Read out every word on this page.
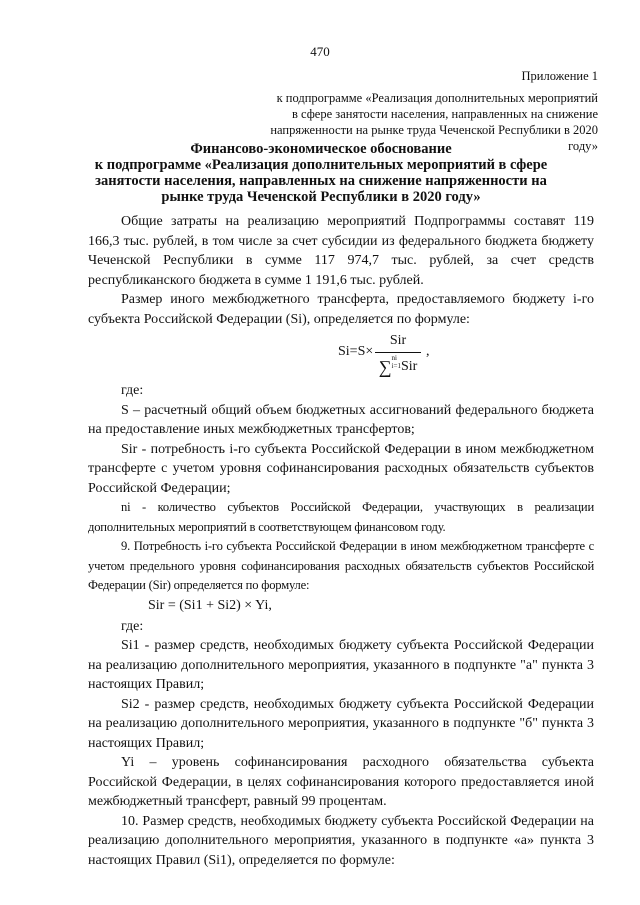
470
Приложение 1
к подпрограмме «Реализация дополнительных мероприятий
в сфере занятости населения, направленных на снижение
напряженности на рынке труда Чеченской Республики в 2020 году»
Финансово-экономическое обоснование
к подпрограмме «Реализация дополнительных мероприятий в сфере
занятости населения, направленных на снижение напряженности на
рынке труда Чеченской Республики в 2020 году»

Общие затраты на реализацию мероприятий Подпрограммы составят 119 166,3 тыс. рублей, в том числе за счет субсидии из федерального бюджета бюджету Чеченской Республики в сумме 117 974,7 тыс. рублей, за счет средств республиканского бюджета в сумме 1 191,6 тыс. рублей.

Размер иного межбюджетного трансферта, предоставляемого бюджету i-го субъекта Российской Федерации (Si), определяется по формуле:

Si=S×
Sir
∑ni
i=1Sir
,

где:

S – расчетный общий объем бюджетных ассигнований федерального бюджета на предоставление иных межбюджетных трансфертов;

Sir - потребность i-го субъекта Российской Федерации в ином межбюджетном трансферте с учетом уровня софинансирования расходных обязательств субъектов Российской Федерации;

ni - количество субъектов Российской Федерации, участвующих в реализации дополнительных мероприятий в соответствующем финансовом году.

9. Потребность i-го субъекта Российской Федерации в ином межбюджетном трансферте с учетом предельного уровня софинансирования расходных обязательств субъектов Российской Федерации (Sir) определяется по формуле:

Sir = (Si1 + Si2) × Yi,

где:

Si1 - размер средств, необходимых бюджету субъекта Российской Федерации на реализацию дополнительного мероприятия, указанного в подпункте "а" пункта 3 настоящих Правил;

Si2 - размер средств, необходимых бюджету субъекта Российской Федерации на реализацию дополнительного мероприятия, указанного в подпункте "б" пункта 3 настоящих Правил;

Yi – уровень софинансирования расходного обязательства субъекта Российской Федерации, в целях софинансирования которого предоставляется иной межбюджетный трансферт, равный 99 процентам.

10. Размер средств, необходимых бюджету субъекта Российской Федерации на реализацию дополнительного мероприятия, указанного в подпункте «а» пункта 3 настоящих Правил (Si1), определяется по формуле:
